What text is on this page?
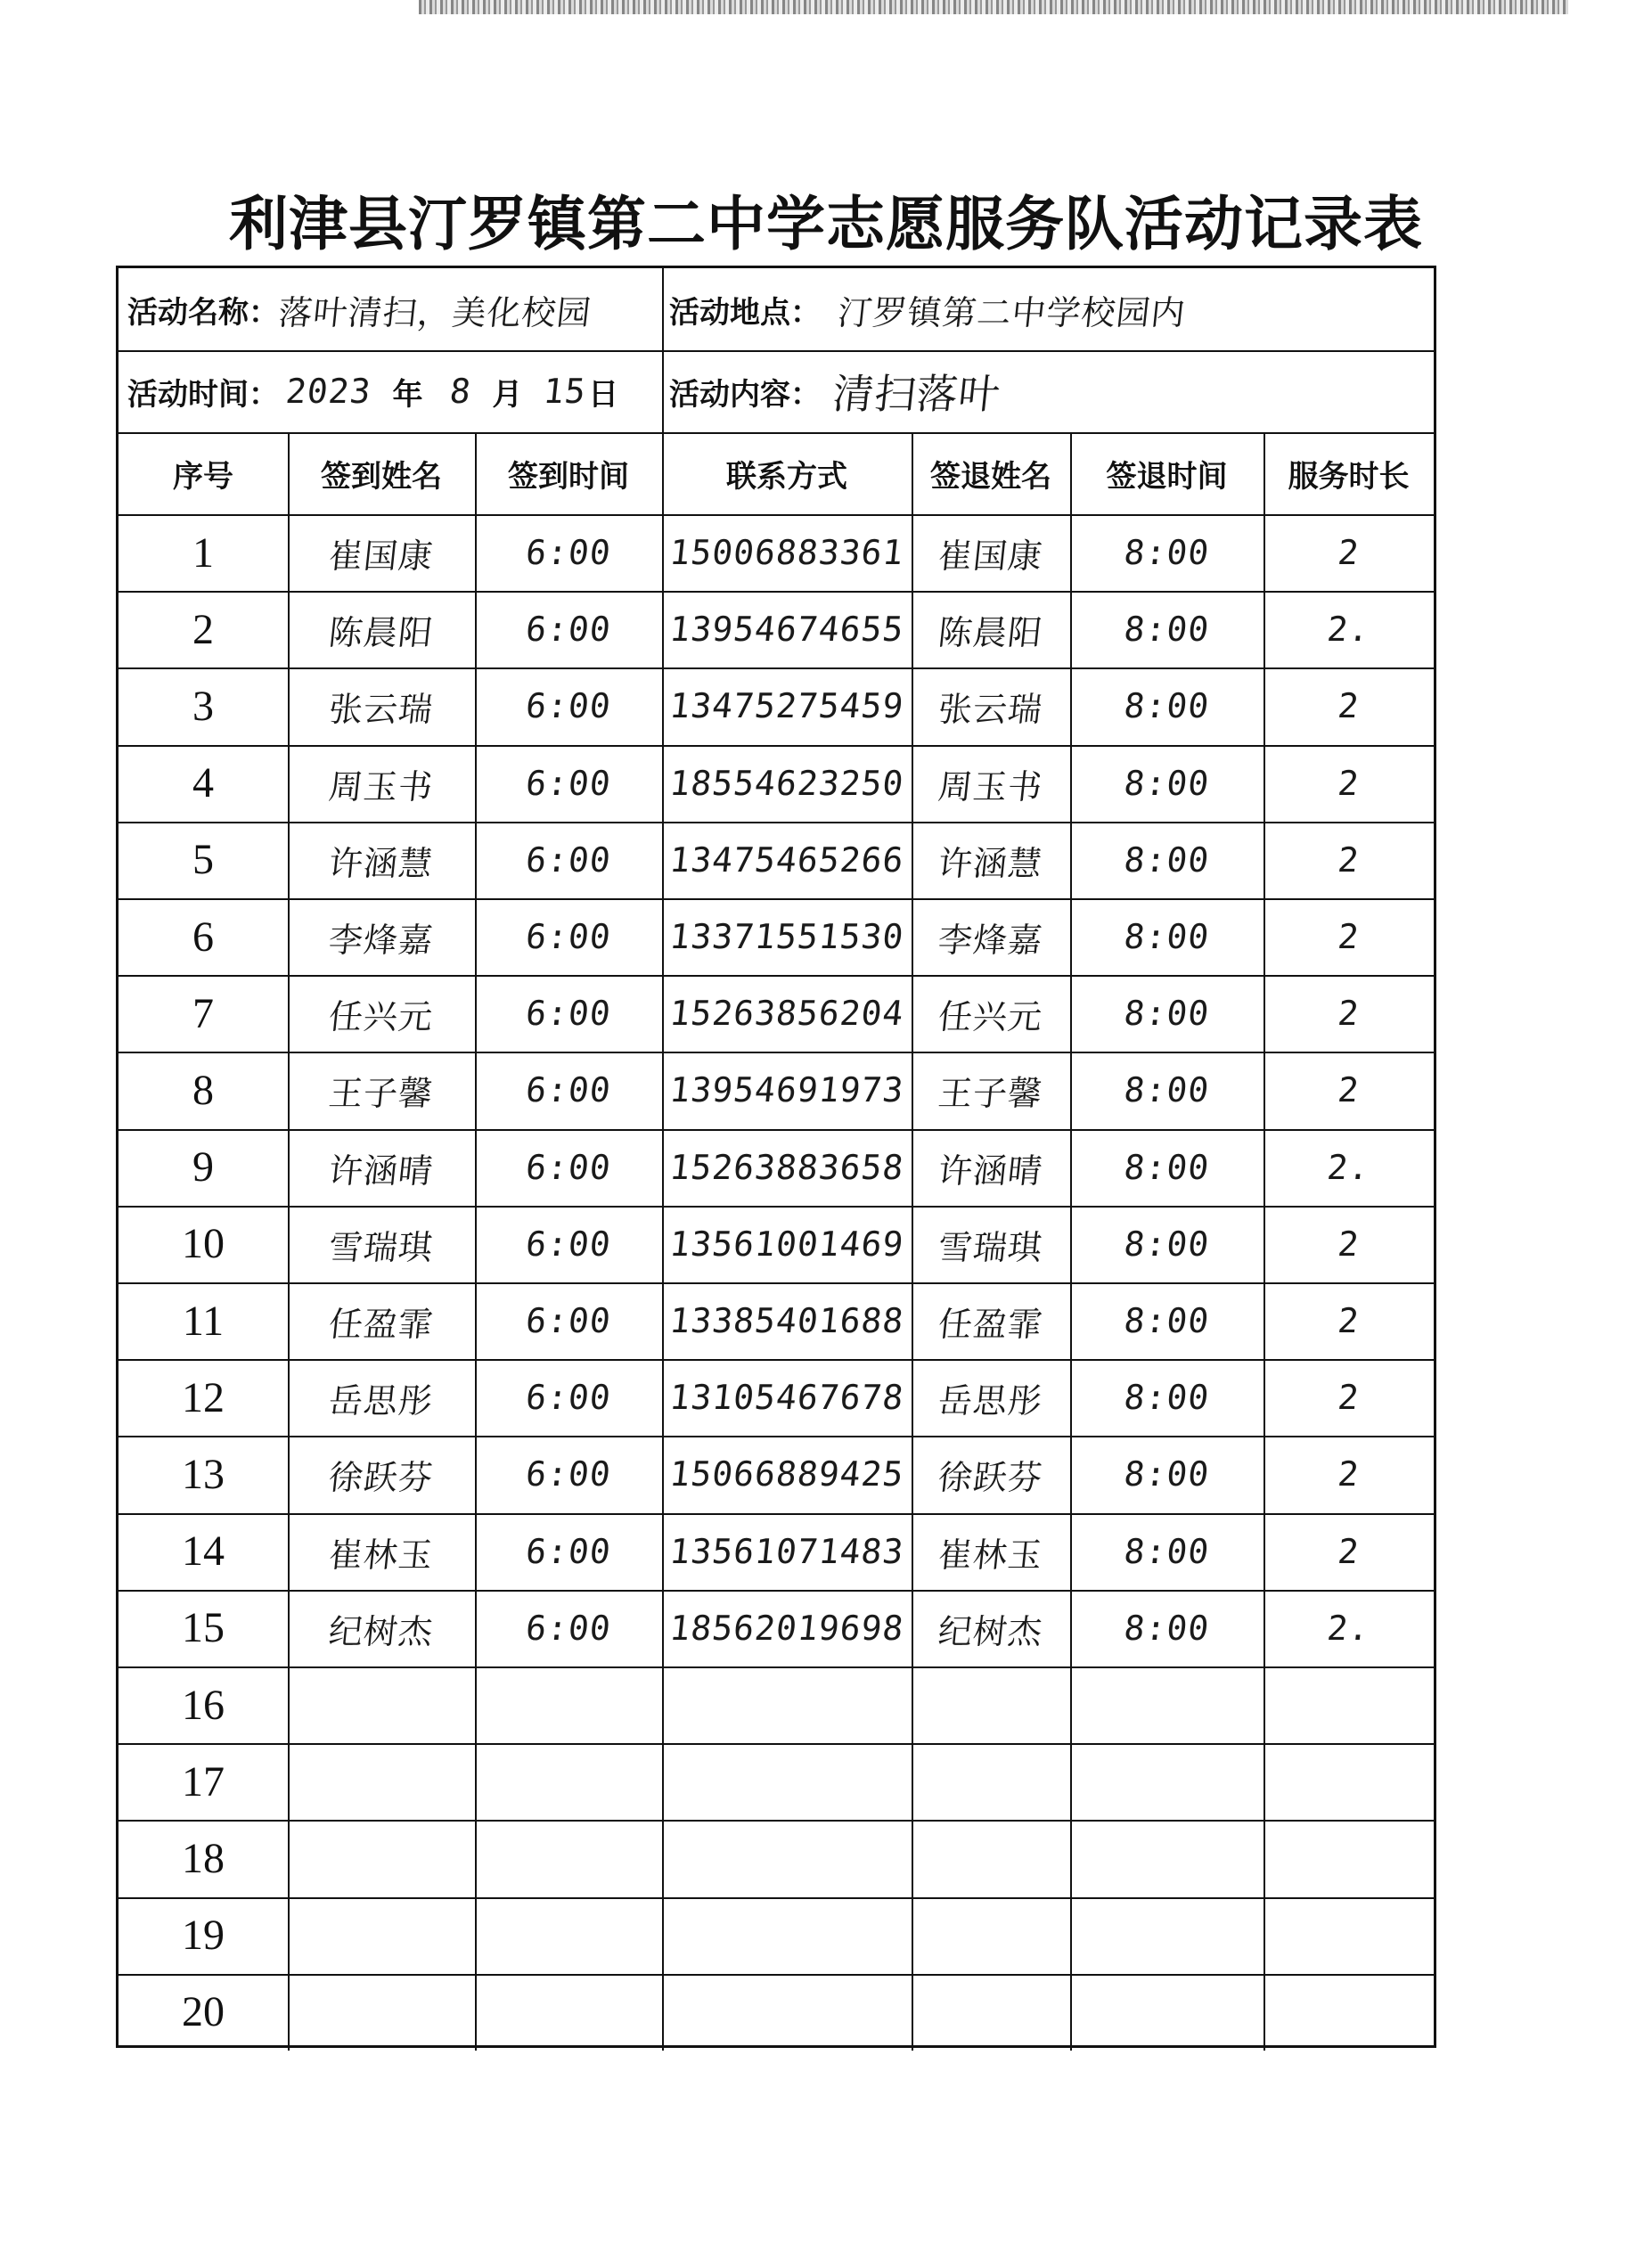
利津县汀罗镇第二中学志愿服务队活动记录表
活动名称：
落叶清扫，美化校园	活动地点： 汀罗镇第二中学校园内
活动时间： 2023 年 8 月 15 日 活动内容： 清扫落叶
序号	签到姓名	签到时间	联系方式	签退姓名	签退时间	服务时长
1	崔国康	6:00	15006883361 崔国康	8:00	2
2	陈晨阳	6:00	13954674655 陈晨阳	8:00	2.
3	张云瑞	6:00	13475275459 张云瑞	8:00	2
4	周玉书	6:00	18554623250 周玉书	8:00	2
5	许涵慧	6:00	13475465266 许涵慧	8:00	2
6	李烽嘉	6:00	13371551530 李烽嘉	8:00	2
7	任兴元	6:00	15263856204 任兴元	8:00	2
8	王子馨	6:00	13954691973 王子馨	8:00	2
9	许涵晴	6:00	15263883658 许涵晴	8:00	2.
10	雪瑞琪	6:00	13561001469 雪瑞琪	8:00	2
11	任盈霏	6:00	13385401688 任盈霏	8:00	2
12	岳思彤	6:00	13105467678 岳思彤	8:00	2
13	徐跃芬	6:00	15066889425 徐跃芬	8:00	2
14	崔林玉	6:00	13561071483 崔林玉	8:00	2
15	纪树杰	6:00	18562019698 纪树杰	8:00	2.
16
17
18
19
20
